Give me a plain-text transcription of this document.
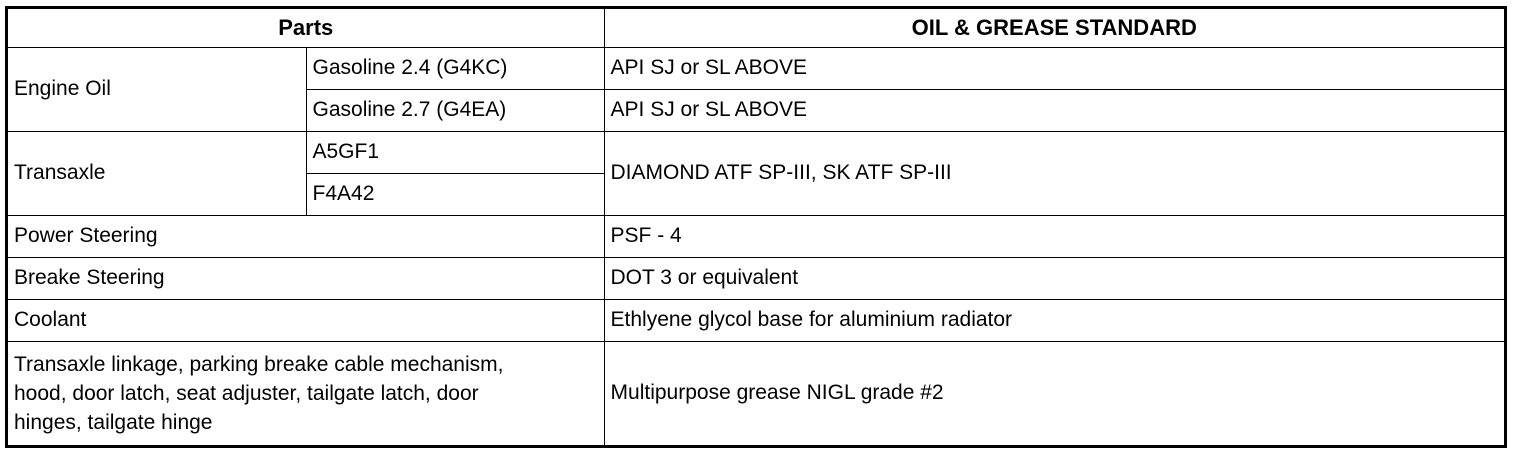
Parts		OIL & GREASE STANDARD
Engine Oil	Gasoline 2.4 (G4KC)	API SJ or SL ABOVE
	Gasoline 2.7 (G4EA)	API SJ or SL ABOVE
Transaxle	A5GF1	DIAMOND ATF SP-III, SK ATF SP-III
	F4A42	
Power Steering		PSF - 4
Breake Steering		DOT 3 or equivalent
Coolant		Ethlyene glycol base for aluminium radiator

Transaxle linkage, parking breake cable mechanism,
hood, door latch, seat adjuster, tailgate latch, door
hinges, tailgate hinge		Multipurpose grease NIGL grade #2
